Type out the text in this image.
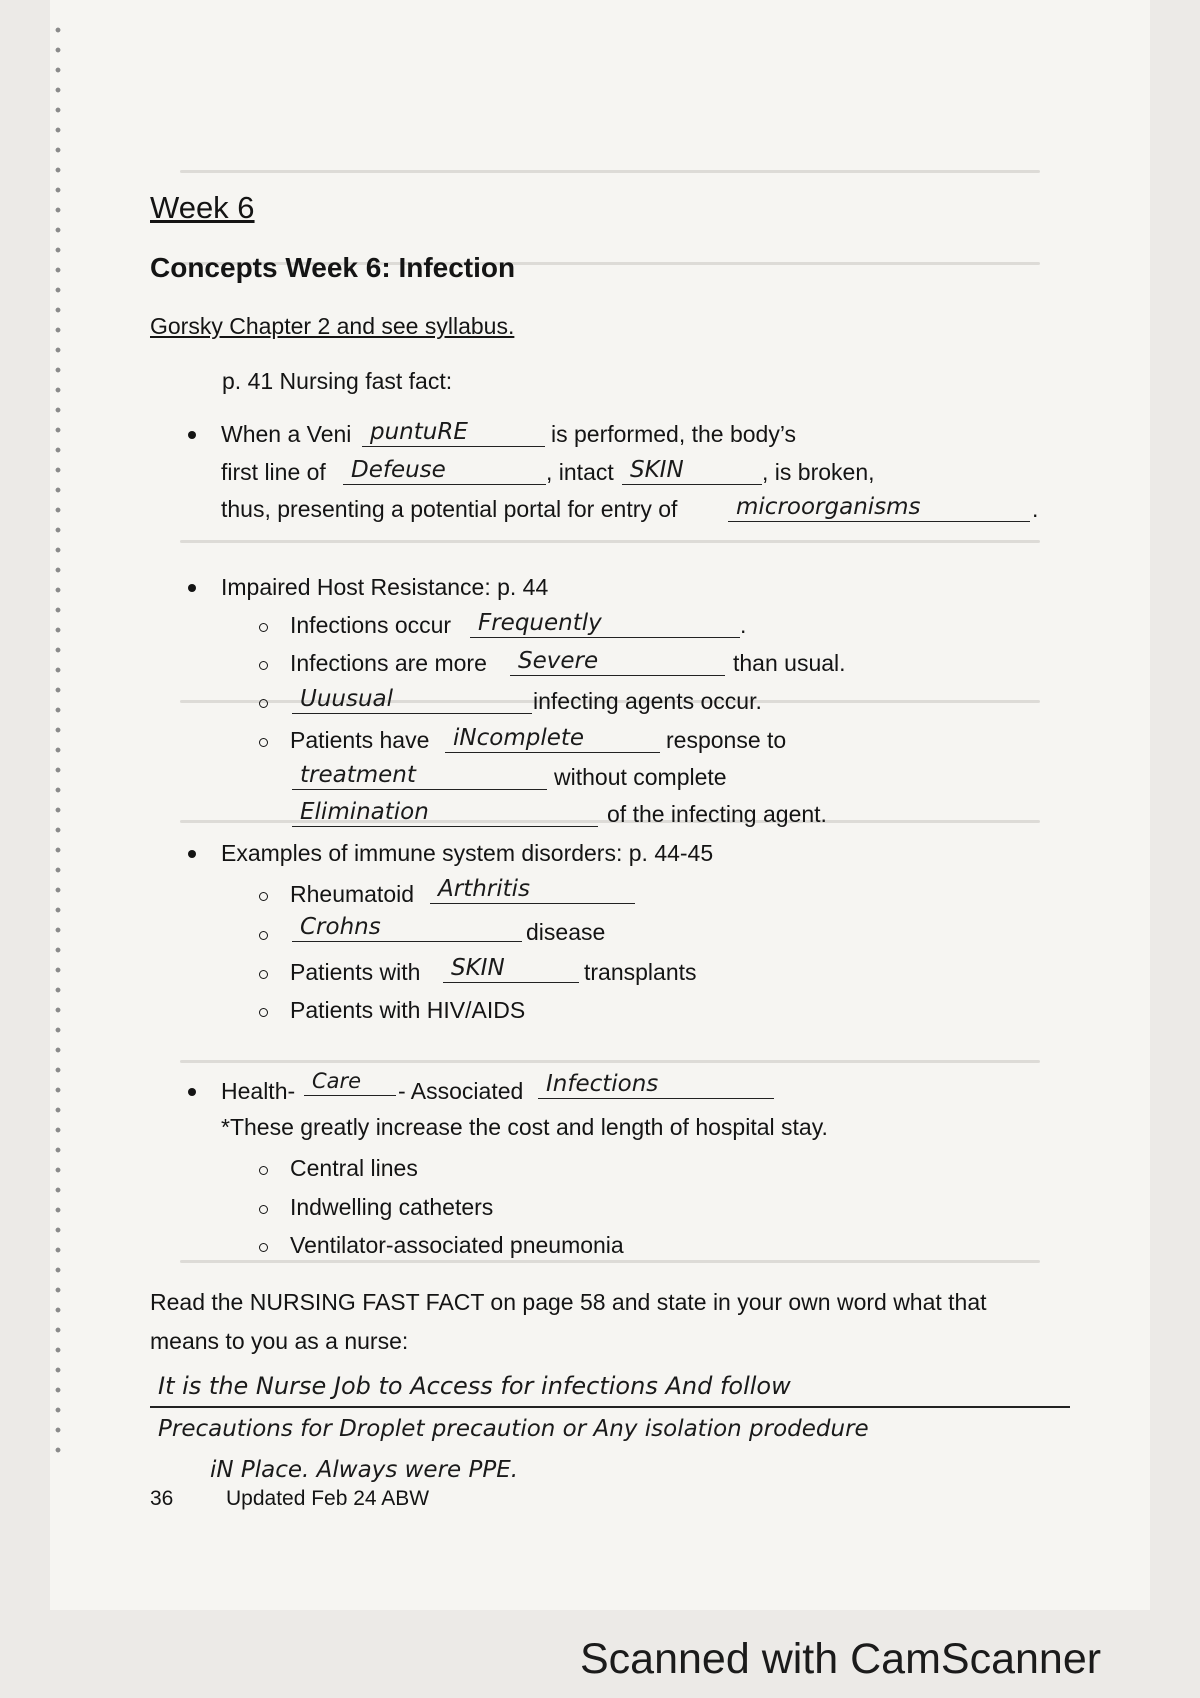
Week 6
Concepts Week 6: Infection
Gorsky Chapter 2 and see syllabus.
p. 41 Nursing fast fact:
When a Veni puntuRE	is performed, the body’s
first line of	Defeuse	, intact SKIN	, is broken,
thus, presenting a potential portal for entry of	microorganisms	.
Impaired Host Resistance: p. 44
Infections occur	Frequently	.
Infections are more	Severe	than usual.
Uuusual	infecting agents occur.
Patients have	iNcomplete	response to
treatment	without complete
Elimination	of the infecting agent.
Examples of immune system disorders: p. 44-45
Rheumatoid	Arthritis
Crohns	disease
Patients with	SKIN	transplants
Patients with HIV/AIDS
Health- Care	- Associated Infections
*These greatly increase the cost and length of hospital stay.
Central lines
Indwelling catheters
Ventilator-associated pneumonia
Read the NURSING FAST FACT on page 58 and state in your own word what that
means to you as a nurse:
It is the Nurse Job to Access for infections And follow
Precautions for Droplet precaution or Any isolation prodedure
iN Place. Always were PPE.
36	Updated Feb 24 ABW
Scanned with CamScanner
